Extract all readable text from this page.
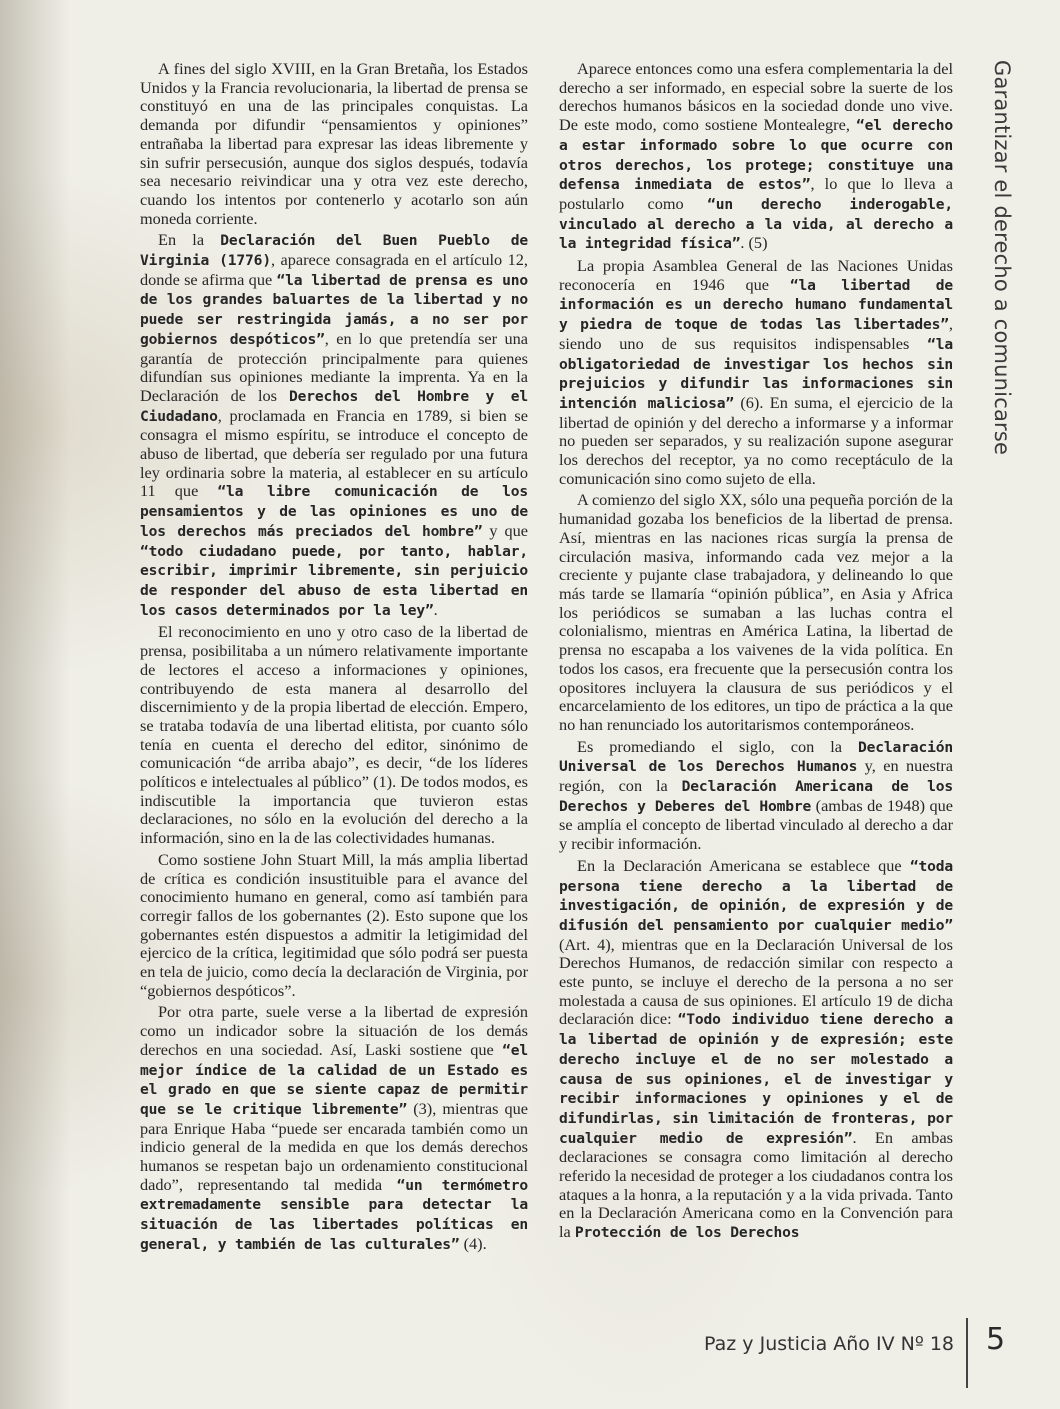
A fines del siglo XVIII, en la Gran Bretaña, los Estados Unidos y la Francia revolucionaria, la libertad de prensa se constituyó en una de las principales conquistas. La demanda por difundir “pensamientos y opiniones” entrañaba la libertad para expresar las ideas libremente y sin sufrir persecusión, aunque dos siglos después, todavía sea necesario reivindicar una y otra vez este derecho, cuando los intentos por contenerlo y acotarlo son aún moneda corriente.

En la Declaración del Buen Pueblo de Virginia (1776), aparece consagrada en el artículo 12, donde se afirma que “la libertad de prensa es uno de los grandes baluartes de la libertad y no puede ser restringida jamás, a no ser por gobiernos despóticos”, en lo que pretendía ser una garantía de protección principalmente para quienes difundían sus opiniones mediante la imprenta. Ya en la Declaración de los Derechos del Hombre y el Ciudadano, proclamada en Francia en 1789, si bien se consagra el mismo espíritu, se introduce el concepto de abuso de libertad, que debería ser regulado por una futura ley ordinaria sobre la materia, al establecer en su artículo 11 que “la libre comunicación de los pensamientos y de las opiniones es uno de los derechos más preciados del hombre” y que “todo ciudadano puede, por tanto, hablar, escribir, imprimir libremente, sin perjuicio de responder del abuso de esta libertad en los casos determinados por la ley”.

El reconocimiento en uno y otro caso de la libertad de prensa, posibilitaba a un número relativamente importante de lectores el acceso a informaciones y opiniones, contribuyendo de esta manera al desarrollo del discernimiento y de la propia libertad de elección. Empero, se trataba todavía de una libertad elitista, por cuanto sólo tenía en cuenta el derecho del editor, sinónimo de comunicación “de arriba abajo”, es decir, “de los líderes políticos e intelectuales al público” (1). De todos modos, es indiscutible la importancia que tuvieron estas declaraciones, no sólo en la evolución del derecho a la información, sino en la de las colectividades humanas.

Como sostiene John Stuart Mill, la más amplia libertad de crítica es condición insustituible para el avance del conocimiento humano en general, como así también para corregir fallos de los gobernantes (2). Esto supone que los gobernantes estén dispuestos a admitir la letigimidad del ejercico de la crítica, legitimidad que sólo podrá ser puesta en tela de juicio, como decía la declaración de Virginia, por “gobiernos despóticos”.

Por otra parte, suele verse a la libertad de expresión como un indicador sobre la situación de los demás derechos en una sociedad. Así, Laski sostiene que “el mejor índice de la calidad de un Estado es el grado en que se siente capaz de permitir que se le critique libremente” (3), mientras que para Enrique Haba “puede ser encarada también como un indicio general de la medida en que los demás derechos humanos se respetan bajo un ordenamiento constitucional dado”, representando tal medida “un termómetro extremadamente sensible para detectar la situación de las libertades políticas en general, y también de las culturales” (4).

Aparece entonces como una esfera complementaria la del derecho a ser informado, en especial sobre la suerte de los derechos humanos básicos en la sociedad donde uno vive. De este modo, como sostiene Montealegre, “el derecho a estar informado sobre lo que ocurre con otros derechos, los protege; constituye una defensa inmediata de estos”, lo que lo lleva a postularlo como “un derecho inderogable, vinculado al derecho a la vida, al derecho a la integridad física”. (5)

La propia Asamblea General de las Naciones Unidas reconocería en 1946 que “la libertad de información es un derecho humano fundamental y piedra de toque de todas las libertades”, siendo uno de sus requisitos indispensables “la obligatoriedad de investigar los hechos sin prejuicios y difundir las informaciones sin intención maliciosa” (6). En suma, el ejercicio de la libertad de opinión y del derecho a informarse y a informar no pueden ser separados, y su realización supone asegurar los derechos del receptor, ya no como receptáculo de la comunicación sino como sujeto de ella.

A comienzo del siglo XX, sólo una pequeña porción de la humanidad gozaba los beneficios de la libertad de prensa. Así, mientras en las naciones ricas surgía la prensa de circulación masiva, informando cada vez mejor a la creciente y pujante clase trabajadora, y delineando lo que más tarde se llamaría “opinión pública”, en Asia y Africa los periódicos se sumaban a las luchas contra el colonialismo, mientras en América Latina, la libertad de prensa no escapaba a los vaivenes de la vida política. En todos los casos, era frecuente que la persecusión contra los opositores incluyera la clausura de sus periódicos y el encarcelamiento de los editores, un tipo de práctica a la que no han renunciado los autoritarismos contemporáneos.

Es promediando el siglo, con la Declaración Universal de los Derechos Humanos y, en nuestra región, con la Declaración Americana de los Derechos y Deberes del Hombre (ambas de 1948) que se amplía el concepto de libertad vinculado al derecho a dar y recibir información.

En la Declaración Americana se establece que “toda persona tiene derecho a la libertad de investigación, de opinión, de expresión y de difusión del pensamiento por cualquier medio” (Art. 4), mientras que en la Declaración Universal de los Derechos Humanos, de redacción similar con respecto a este punto, se incluye el derecho de la persona a no ser molestada a causa de sus opiniones. El artículo 19 de dicha declaración dice: “Todo individuo tiene derecho a la libertad de opinión y de expresión; este derecho incluye el de no ser molestado a causa de sus opiniones, el de investigar y recibir informaciones y opiniones y el de difundirlas, sin limitación de fronteras, por cualquier medio de expresión”. En ambas declaraciones se consagra como limitación al derecho referido la necesidad de proteger a los ciudadanos contra los ataques a la honra, a la reputación y a la vida privada. Tanto en la Declaración Americana como en la Convención para la Protección de los Derechos

Garantizar el derecho a comunicarse
Paz y Justicia Año IV Nº 18 5
